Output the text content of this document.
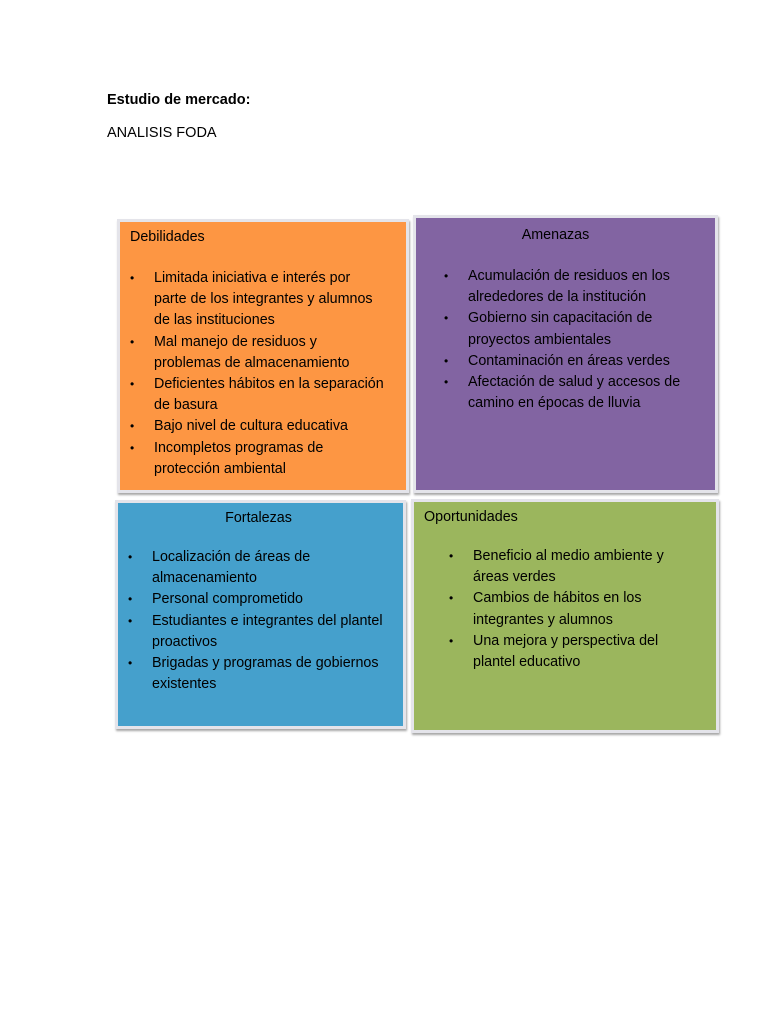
Estudio de mercado:
ANALISIS FODA
Debilidades
• Limitada iniciativa e interés por
parte de los integrantes y alumnos
de las instituciones
• Mal manejo de residuos y
problemas de almacenamiento
• Deficientes hábitos en la separación
de basura
• Bajo nivel de cultura educativa
• Incompletos programas de
protección ambiental
Amenazas
• Acumulación de residuos en los
alrededores de la institución
• Gobierno sin capacitación de
proyectos ambientales
• Contaminación en áreas verdes
• Afectación de salud y accesos de
camino en épocas de lluvia
Fortalezas
• Localización de áreas de
almacenamiento
• Personal comprometido
• Estudiantes e integrantes del plantel
proactivos
• Brigadas y programas de gobiernos
existentes
Oportunidades
• Beneficio al medio ambiente y
áreas verdes
• Cambios de hábitos en los
integrantes y alumnos
• Una mejora y perspectiva del
plantel educativo
